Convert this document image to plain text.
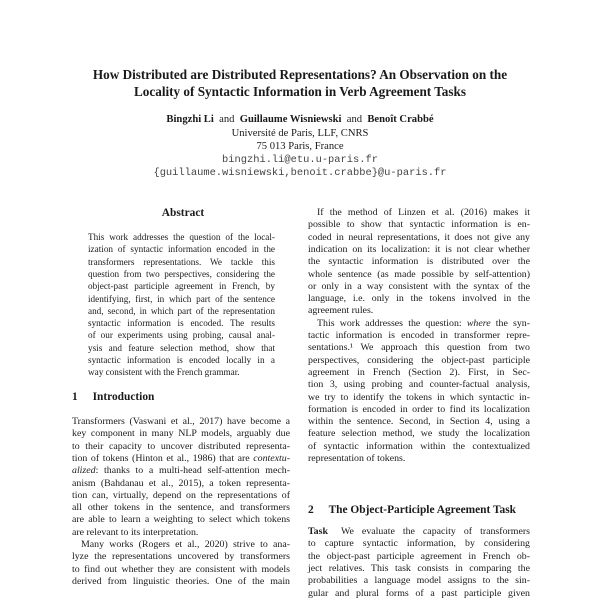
How Distributed are Distributed Representations? An Observation on the
Locality of Syntactic Information in Verb Agreement Tasks
Bingzhi Li and Guillaume Wisniewski and Benoît Crabbé
Université de Paris, LLF, CNRS
75 013 Paris, France
bingzhi.li@etu.u-paris.fr
{guillaume.wisniewski,benoit.crabbe}@u-paris.fr
Abstract
This work addresses the question of the local-
ization of syntactic information encoded in the
transformers representations. We tackle this
question from two perspectives, considering the
object-past participle agreement in French, by
identifying, first, in which part of the sentence
and, second, in which part of the representation
syntactic information is encoded. The results
of our experiments using probing, causal anal-
ysis and feature selection method, show that
syntactic information is encoded locally in a
way consistent with the French grammar.
1 Introduction
Transformers (Vaswani et al., 2017) have become a
key component in many NLP models, arguably due
to their capacity to uncover distributed representa-
tion of tokens (Hinton et al., 1986) that are contextu-
alized: thanks to a multi-head self-attention mech-
anism (Bahdanau et al., 2015), a token representa-
tion can, virtually, depend on the representations of
all other tokens in the sentence, and transformers
are able to learn a weighting to select which tokens
are relevant to its interpretation.
Many works (Rogers et al., 2020) strive to ana-
lyze the representations uncovered by transformers
to find out whether they are consistent with models
derived from linguistic theories. One of the main
If the method of Linzen et al. (2016) makes it
possible to show that syntactic information is en-
coded in neural representations, it does not give any
indication on its localization: it is not clear whether
the syntactic information is distributed over the
whole sentence (as made possible by self-attention)
or only in a way consistent with the syntax of the
language, i.e. only in the tokens involved in the
agreement rules.
This work addresses the question: where the syn-
tactic information is encoded in transformer repre-
sentations.¹ We approach this question from two
perspectives, considering the object-past participle
agreement in French (Section 2). First, in Sec-
tion 3, using probing and counter-factual analysis,
we try to identify the tokens in which syntactic in-
formation is encoded in order to find its localization
within the sentence. Second, in Section 4, using a
feature selection method, we study the localization
of syntactic information within the contextualized
representation of tokens.
2 The Object-Participle Agreement Task
Task We evaluate the capacity of transformers
to capture syntactic information, by considering
the object-past participle agreement in French ob-
ject relatives. This task consists in comparing the
probabilities a language model assigns to the sin-
gular and plural forms of a past participle given
